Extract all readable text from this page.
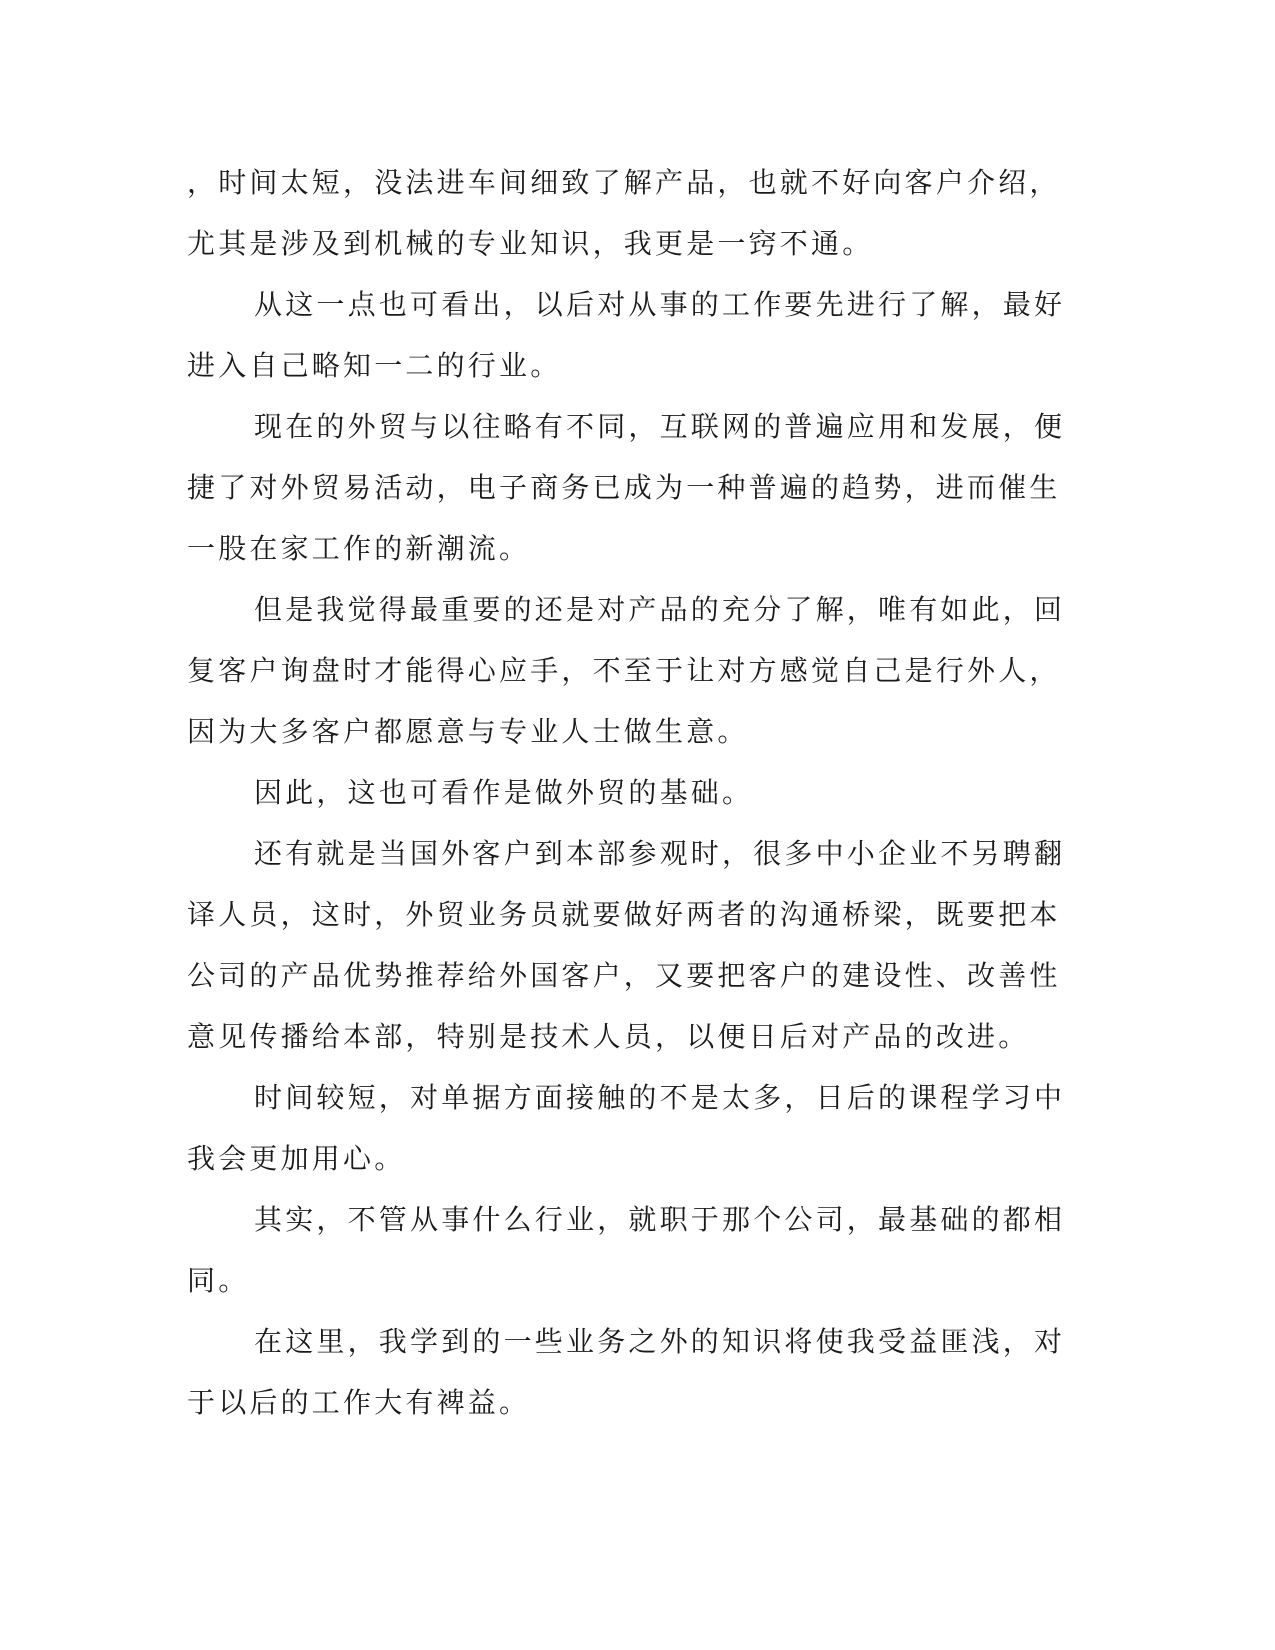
，时间太短，没法进车间细致了解产品，也就不好向客户介绍，尤其是涉及到机械的专业知识，我更是一窍不通。

从这一点也可看出，以后对从事的工作要先进行了解，最好进入自己略知一二的行业。

现在的外贸与以往略有不同，互联网的普遍应用和发展，便捷了对外贸易活动，电子商务已成为一种普遍的趋势，进而催生一股在家工作的新潮流。

但是我觉得最重要的还是对产品的充分了解，唯有如此，回复客户询盘时才能得心应手，不至于让对方感觉自己是行外人，因为大多客户都愿意与专业人士做生意。

因此，这也可看作是做外贸的基础。

还有就是当国外客户到本部参观时，很多中小企业不另聘翻译人员，这时，外贸业务员就要做好两者的沟通桥梁，既要把本公司的产品优势推荐给外国客户，又要把客户的建设性、改善性意见传播给本部，特别是技术人员，以便日后对产品的改进。

时间较短，对单据方面接触的不是太多，日后的课程学习中我会更加用心。

其实，不管从事什么行业，就职于那个公司，最基础的都相同。

在这里，我学到的一些业务之外的知识将使我受益匪浅，对于以后的工作大有裨益。
